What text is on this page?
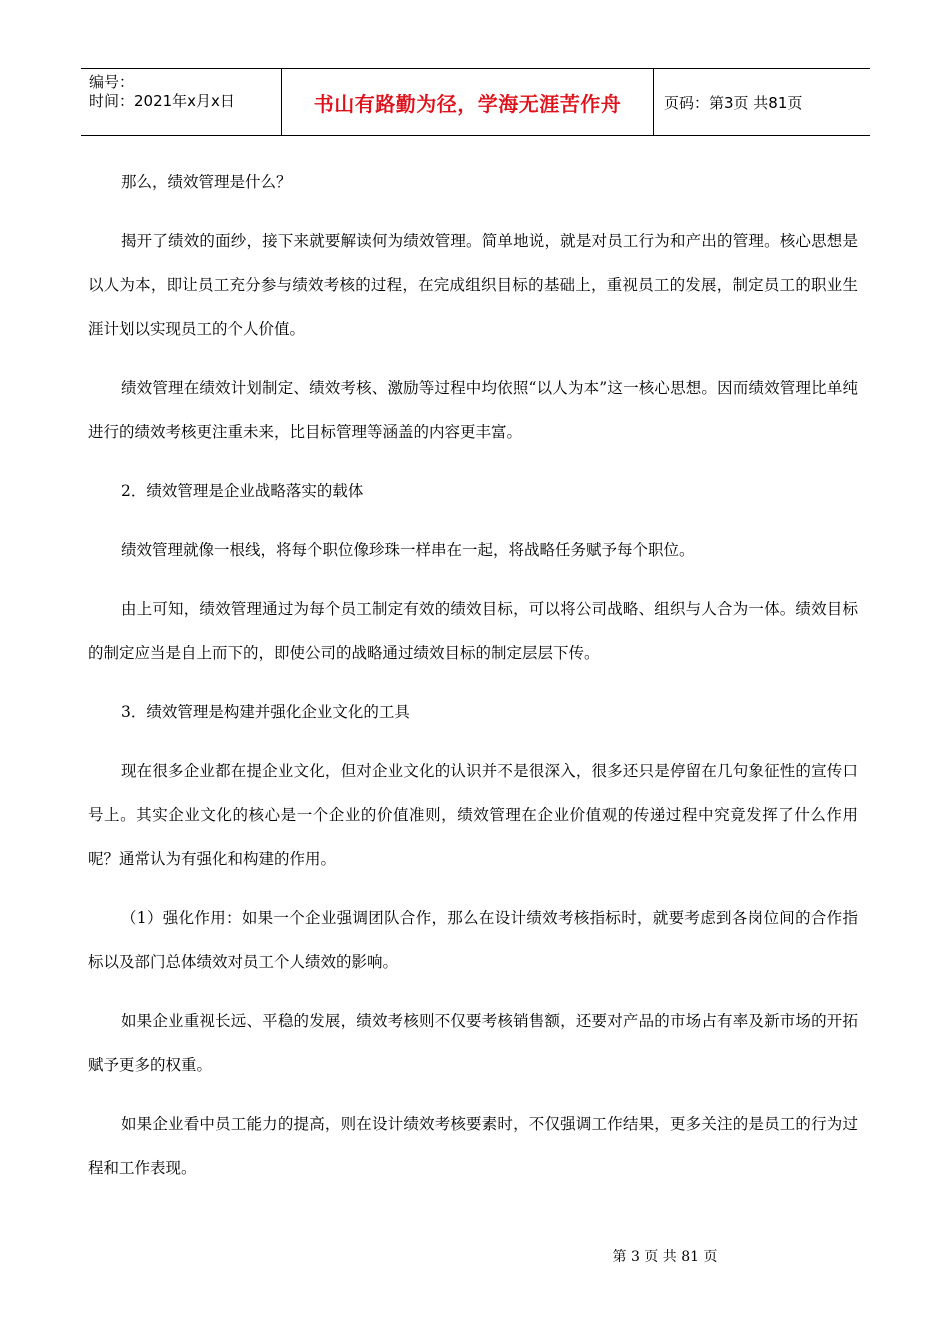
编号：
时间：2021年x月x日	书山有路勤为径，学海无涯苦作舟	页码：第3页 共81页

那么，绩效管理是什么？

揭开了绩效的面纱，接下来就要解读何为绩效管理。简单地说，就是对员工行为和产出的管理。核心思想是以人为本，即让员工充分参与绩效考核的过程，在完成组织目标的基础上，重视员工的发展，制定员工的职业生涯计划以实现员工的个人价值。

绩效管理在绩效计划制定、绩效考核、激励等过程中均依照“以人为本”这一核心思想。因而绩效管理比单纯进行的绩效考核更注重未来，比目标管理等涵盖的内容更丰富。

2．绩效管理是企业战略落实的载体

绩效管理就像一根线，将每个职位像珍珠一样串在一起，将战略任务赋予每个职位。

由上可知，绩效管理通过为每个员工制定有效的绩效目标，可以将公司战略、组织与人合为一体。绩效目标的制定应当是自上而下的，即使公司的战略通过绩效目标的制定层层下传。

3．绩效管理是构建并强化企业文化的工具

现在很多企业都在提企业文化，但对企业文化的认识并不是很深入，很多还只是停留在几句象征性的宣传口号上。其实企业文化的核心是一个企业的价值准则，绩效管理在企业价值观的传递过程中究竟发挥了什么作用呢？通常认为有强化和构建的作用。

（1）强化作用：如果一个企业强调团队合作，那么在设计绩效考核指标时，就要考虑到各岗位间的合作指标以及部门总体绩效对员工个人绩效的影响。

如果企业重视长远、平稳的发展，绩效考核则不仅要考核销售额，还要对产品的市场占有率及新市场的开拓赋予更多的权重。

如果企业看中员工能力的提高，则在设计绩效考核要素时，不仅强调工作结果，更多关注的是员工的行为过程和工作表现。

第 3 页 共 81 页
